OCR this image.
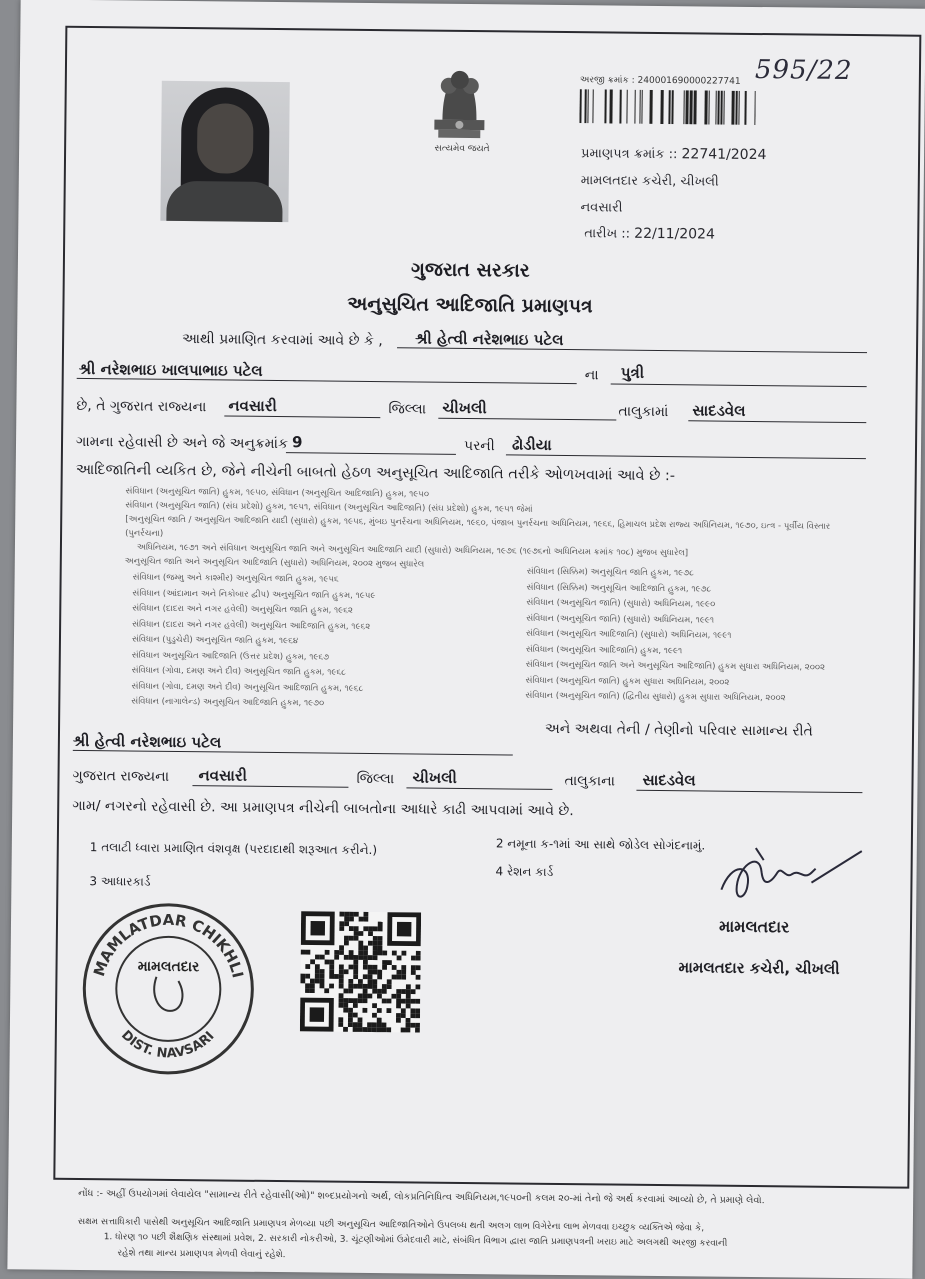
સત્યમેવ જયતે
અરજી ક્રમાંક : 240001690000227741 595/22
પ્રમાણપત્ર ક્રમાંક :: 22741/2024
મામલતદાર કચેરી, ચીખલી
નવસારી
તારીખ :: 22/11/2024
ગુજરાત સરકાર
અનુસુચિત આદિજાતિ પ્રમાણપત્ર
આથી પ્રમાણિત કરવામાં આવે છે કે , શ્રી હેત્વી નરેશભાઇ પટેલ
શ્રી નરેશભાઇ ખાલપાભાઇ પટેલ	ના પુત્રી
છે, તે ગુજરાત રાજ્યના નવસારી	જિલ્લા ચીખલી	તાલુકામાં સાદડવેલ
ગામના રહેવાસી છે અને જે અનુક્રમાંક 9	પરની ઢોડીયા
આદિજાતિની વ્યકિત છે, જેને નીચેની બાબતો હેઠળ અનુસૂચિત આદિજાતિ તરીકે ઓળખવામાં આવે છે :-
સંવિધાન (અનુસૂચિત જાતિ) હુકમ, ૧૯૫૦, સંવિધાન (અનુસૂચિત આદિજાતિ) હુકમ, ૧૯૫૦
સંવિધાન (અનુસૂચિત જાતિ) (સંઘ પ્રદેશો) હુકમ, ૧૯૫૧, સંવિધાન (અનુસૂચિત આદિજાતિ) (સંઘ પ્રદેશો) હુકમ, ૧૯૫૧ જેમાં
[અનુસૂચિત જાતિ / અનુસૂચિત આદિજાતિ યાદી (સુધારો) હુકમ, ૧૯૫૬, મુંબઇ પુનર્રચના અધિનિયમ, ૧૯૬૦, પંજાબ પુનર્રચના અધિનિયમ, ૧૯૬૬, હિમાચલ પ્રદેશ રાજ્ય અધિનિયમ, ૧૯૭૦, ઇત્ત્ર - પૂર્વીય વિસ્તાર (પુનર્રચના)
અધિનિયમ, ૧૯૭૧ અને સંવિધાન અનુસૂચિત જાતિ અને અનુસૂચિત આદિજાતિ યાદી (સુધારો) અધિનિયમ, ૧૯૭૬ (૧૯૭૬નો અધિનિયમ ક્રમાંક ૧૦૮) મુજબ સુધારેલ]
અનુસૂચિત જાતિ અને અનુસૂચિત આદિજાતિ (સુધારો) અધિનિયમ, ૨૦૦૨ મુજબ સુધારેલ
સંવિધાન (જમ્મુ અને કાશ્મીર) અનુસૂચિત જાતિ હુકમ, ૧૯૫૬
સંવિધાન (આંદામાન અને નિકોબાર દ્વીપ) અનુસૂચિત જાતિ હુકમ, ૧૯૫૯
સંવિધાન (દાદરા અને નગર હવેલી) અનુસૂચિત જાતિ હુકમ, ૧૯૬૨
સંવિધાન (દાદરા અને નગર હવેલી) અનુસૂચિત આદિજાતિ હુકમ, ૧૯૬૨
સંવિધાન (પુડુચેરી) અનુસૂચિત જાતિ હુકમ, ૧૯૬૪
સંવિધાન અનુસૂચિત આદિજાતિ (ઉત્તર પ્રદેશ) હુકમ, ૧૯૬૭
સંવિધાન (ગોવા, દમણ અને દીવ) અનુસૂચિત જાતિ હુકમ, ૧૯૬૮
સંવિધાન (ગોવા, દમણ અને દીવ) અનુસૂચિત આદિજાતિ હુકમ, ૧૯૬૮
સંવિધાન (નાગાલેન્ડ) અનુસૂચિત આદિજાતિ હુકમ, ૧૯૭૦
સંવિધાન (સિક્કિમ) અનુસૂચિત જાતિ હુકમ, ૧૯૭૮
સંવિધાન (સિક્કિમ) અનુસૂચિત આદિજાતિ હુકમ, ૧૯૭૮
સંવિધાન (અનુસૂચિત જાતિ) (સુધારો) અધિનિયમ, ૧૯૯૦
સંવિધાન (અનુસૂચિત જાતિ) (સુધારો) અધિનિયમ, ૧૯૯૧
સંવિધાન (અનુસૂચિત આદિજાતિ) (સુધારો) અધિનિયમ, ૧૯૯૧
સંવિધાન (અનુસૂચિત આદિજાતિ) હુકમ, ૧૯૯૧
સંવિધાન (અનુસૂચિત જાતિ અને અનુસૂચિત આદિજાતિ) હુકમ સુધારા અધિનિયમ, ૨૦૦૨
સંવિધાન (અનુસૂચિત જાતિ) હુકમ સુધારા અધિનિયમ, ૨૦૦૨
સંવિધાન (અનુસૂચિત જાતિ) (દ્વિતીય સુધારો) હુકમ સુધારા અધિનિયમ, ૨૦૦૨
અને અથવા તેની / તેણીનો પરિવાર સામાન્ય રીતે
શ્રી હેત્વી નરેશભાઇ પટેલ
ગુજરાત રાજ્યના નવસારી	જિલ્લા ચીખલી	તાલુકાના સાદડવેલ
ગામ/ નગરનો રહેવાસી છે. આ પ્રમાણપત્ર નીચેની બાબતોના આધારે કાઢી આપવામાં આવે છે.
1 તલાટી ધ્વારા પ્રમાણિત વંશવૃક્ષ (પરદાદાથી શરૂઆત કરીને.)	2 નમૂના ક-૧માં આ સાથે જોડેલ સોગંદનામું.
3 આધારકાર્ડ
4 રેશન કાર્ડ
મામલતદાર
મામલતદાર કચેરી, ચીખલી
MAMLATDAR CHIKHLI
DIST. NAVSARI
મામલતદાર
નોંધ :- અહીં ઉપયોગમાં લેવાયેલ "સામાન્ય રીતે રહેવાસી(ઓ)" શબ્દપ્રયોગનો અર્થ, લોકપ્રતિનિધિત્વ અધિનિયમ,૧૯૫૦ની કલમ ૨૦-માં તેનો જે અર્થ કરવામાં આવ્યો છે, તે પ્રમાણે લેવો.
સક્ષમ સત્તાધિકારી પાસેથી અનુસૂચિત આદિજાતિ પ્રમાણપત્ર મેળવ્યા પછી અનુસૂચિત આદિજાતિઓને ઉપલબ્ધ થતી અલગ લાભ વિગેરેના લાભ મેળવવા ઇચ્છુક વ્યક્તિએ જેવા કે,
1. ધોરણ ૧૦ પછી શૈક્ષણિક સંસ્થામાં પ્રવેશ, 2. સરકારી નોકરીઓ, 3. ચૂંટણીઓમાં ઉમેદવારી માટે, સંબંધિત વિભાગ દ્વારા જાતિ પ્રમાણપત્રની ખરાઇ માટે અલગથી અરજી કરવાની
રહેશે તથા માન્ય પ્રમાણપત્ર મેળવી લેવાનું રહેશે.
